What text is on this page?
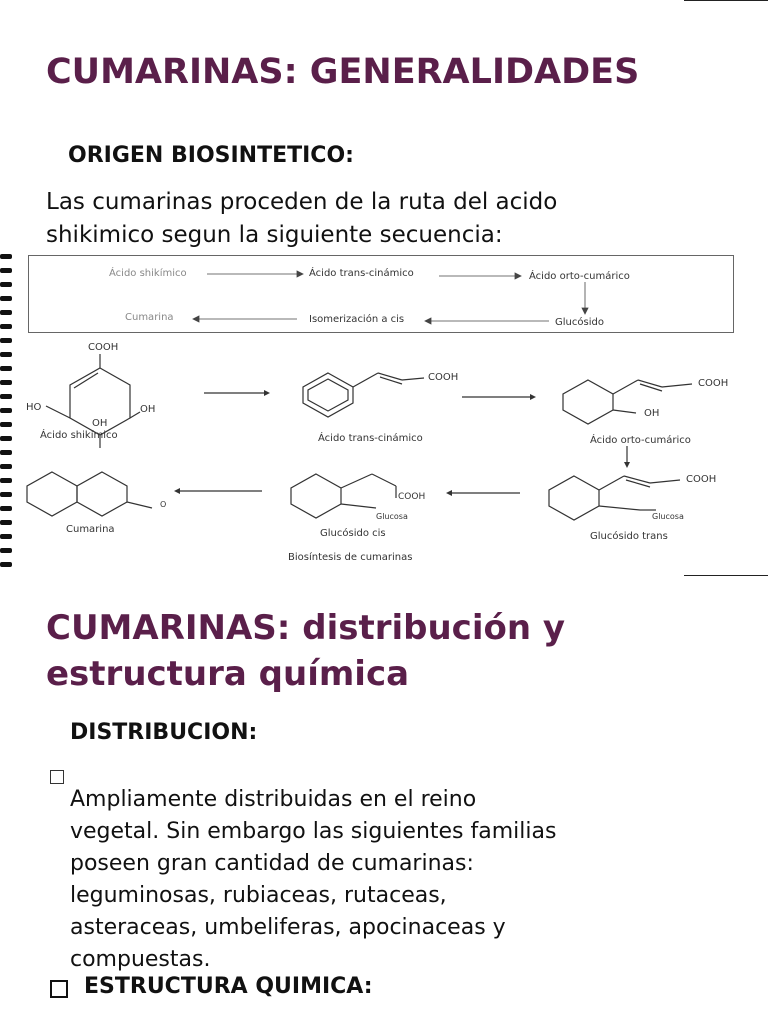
CUMARINAS: GENERALIDADES

ORIGEN BIOSINTETICO:

Las cumarinas proceden de la ruta del acido

shikimico segun la siguiente secuencia:

Ácido shikímico	Ácido trans-cinámico	Ácido orto-cumárico
Glucósido
Isomerización a cis
Cumarina
COOH
HO	OH
OH
Ácido shikímico
COOH
Ácido trans-cinámico
COOH
OH
Ácido orto-cumárico
COOH
Glucosa
Glucósido trans
COOH
Glucosa
Glucósido cis
O
Cumarina
Biosíntesis de cumarinas
CUMARINAS: distribución y
estructura química

DISTRIBUCION:

Ampliamente distribuidas en el reino

vegetal. Sin embargo las siguientes familias

poseen gran cantidad de cumarinas:

leguminosas, rubiaceas, rutaceas,

asteraceas, umbeliferas, apocinaceas y

compuestas.

ESTRUCTURA QUIMICA:
